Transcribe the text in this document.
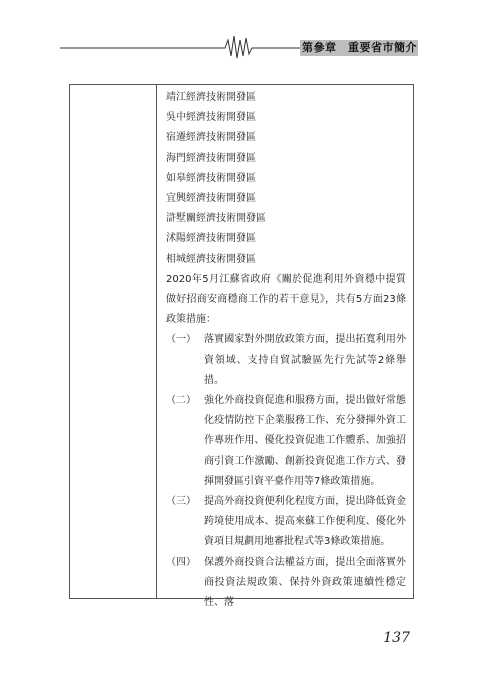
第參章　重要省市簡介
靖江經濟技術開發區
吳中經濟技術開發區
宿遷經濟技術開發區
海門經濟技術開發區
如皋經濟技術開發區
宜興經濟技術開發區
滸墅關經濟技術開發區
沭陽經濟技術開發區
相城經濟技術開發區
2020年5月江蘇省政府《關於促進利用外資穩中提質做好招商安商穩商工作的若干意見》，共有5方面23條政策措施：
（一） 落實國家對外開放政策方面，提出拓寬利用外資領域、支持自貿試驗區先行先試等2條舉措。
（二） 強化外商投資促進和服務方面，提出做好常態化疫情防控下企業服務工作、充分發揮外資工作專班作用、優化投資促進工作體系、加強招商引資工作激勵、創新投資促進工作方式、發揮開發區引資平臺作用等7條政策措施。
（三） 提高外商投資便利化程度方面，提出降低資金跨境使用成本、提高來蘇工作便利度、優化外資項目規劃用地審批程式等3條政策措施。
（四） 保護外商投資合法權益方面，提出全面落實外商投資法規政策、保持外資政策連續性穩定性、落
137
